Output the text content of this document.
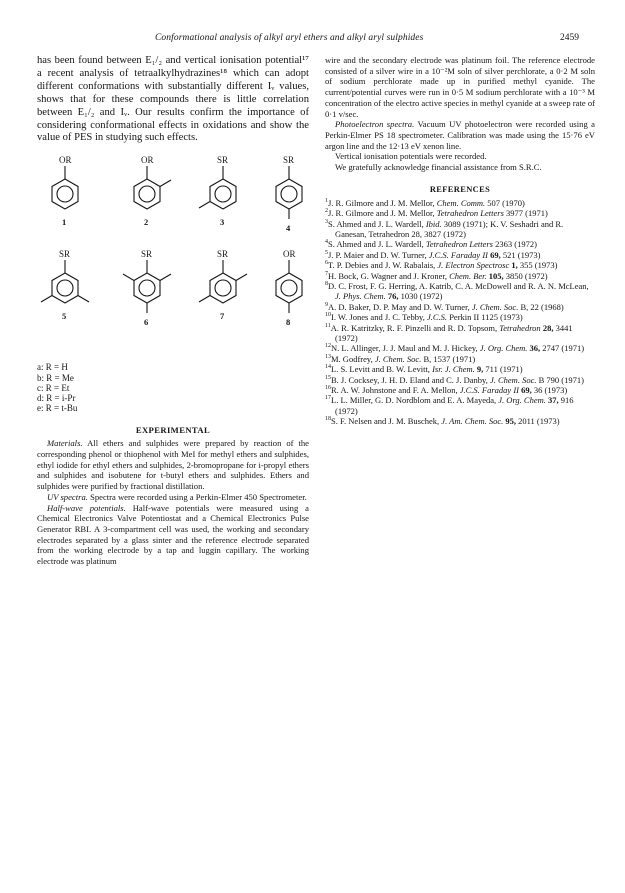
Conformational analysis of alkyl aryl ethers and alkyl aryl sulphides	2459

has been found between E₁/₂ and vertical ionisation potential¹⁷ a recent analysis of tetraalkylhydrazines¹⁸ which can adopt different conformations with substantially different Iᵥ values, shows that for these compounds there is little correlation between E₁/₂ and Iᵥ. Our results confirm the importance of considering conformational effects in oxidations and show the value of PES in studying such effects.

OR
1
OR
2
SR
3
SR
4
SR
5
SR
6
SR
7
OR
8
a: R = H
b: R = Me
c: R = Et
d: R = i-Pr
e: R = t-Bu
EXPERIMENTAL

Materials. All ethers and sulphides were prepared by reaction of the corresponding phenol or thiophenol with MeI for methyl ethers and sulphides, ethyl iodide for ethyl ethers and sulphides, 2-bromopropane for i-propyl ethers and sulphides and isobutene for t-butyl ethers and sulphides. Ethers and sulphides were purified by fractional distillation.

UV spectra. Spectra were recorded using a Perkin-Elmer 450 Spectrometer.

Half-wave potentials. Half-wave potentials were measured using a Chemical Electronics Valve Potentiostat and a Chemical Electronics Pulse Generator RBI. A 3-compartment cell was used, the working and secondary electrodes separated by a glass sinter and the reference electrode separated from the working electrode by a tap and luggin capillary. The working electrode was platinum

wire and the secondary electrode was platinum foil. The reference electrode consisted of a silver wire in a 10⁻²M soln of silver perchlorate, a 0·2 M soln of sodium perchlorate made up in purified methyl cyanide. The current/potential curves were run in 0·5 M sodium perchlorate with a 10⁻³ M concentration of the electro active species in methyl cyanide at a sweep rate of 0·1 v/sec.

Photoelectron spectra. Vacuum UV photoelectron were recorded using a Perkin-Elmer PS 18 spectrometer. Calibration was made using the 15·76 eV argon line and the 12·13 eV xenon line.

Vertical ionisation potentials were recorded.

We gratefully acknowledge financial assistance from S.R.C.

REFERENCES

$^1$J. R. Gilmore and J. M. Mellor, Chem. Comm. 507 (1970)

$^2$J. R. Gilmore and J. M. Mellor, Tetrahedron Letters 3977 (1971)

$^3$S. Ahmed and J. L. Wardell, Ibid. 3089 (1971); K. V. Seshadri and R. Ganesan, Tetrahedron 28, 3827 (1972)

$^4$S. Ahmed and J. L. Wardell, Tetrahedron Letters 2363 (1972)

$^5$J. P. Maier and D. W. Turner, J.C.S. Faraday II 69, 521 (1973)

$^6$T. P. Debies and J. W. Rabalais, J. Electron Spectrosc 1, 355 (1973)

$^7$H. Bock, G. Wagner and J. Kroner, Chem. Ber. 105, 3850 (1972)

$^8$D. C. Frost, F. G. Herring, A. Katrib, C. A. McDowell and R. A. N. McLean, J. Phys. Chem. 76, 1030 (1972)

$^9$A. D. Baker, D. P. May and D. W. Turner, J. Chem. Soc. B, 22 (1968)

$^{10}$I. W. Jones and J. C. Tebby, J.C.S. Perkin II 1125 (1973)

$^{11}$A. R. Katritzky, R. F. Pinzelli and R. D. Topsom, Tetrahedron 28, 3441 (1972)

$^{12}$N. L. Allinger, J. J. Maul and M. J. Hickey, J. Org. Chem. 36, 2747 (1971)

$^{13}$M. Godfrey, J. Chem. Soc. B, 1537 (1971)

$^{14}$L. S. Levitt and B. W. Levitt, Isr. J. Chem. 9, 711 (1971)

$^{15}$B. J. Cocksey, J. H. D. Eland and C. J. Danby, J. Chem. Soc. B 790 (1971)

$^{16}$R. A. W. Johnstone and F. A. Mellon, J.C.S. Faraday II 69, 36 (1973)

$^{17}$L. L. Miller, G. D. Nordblom and E. A. Mayeda, J. Org. Chem. 37, 916 (1972)

$^{18}$S. F. Nelsen and J. M. Buschek, J. Am. Chem. Soc. 95, 2011 (1973)
